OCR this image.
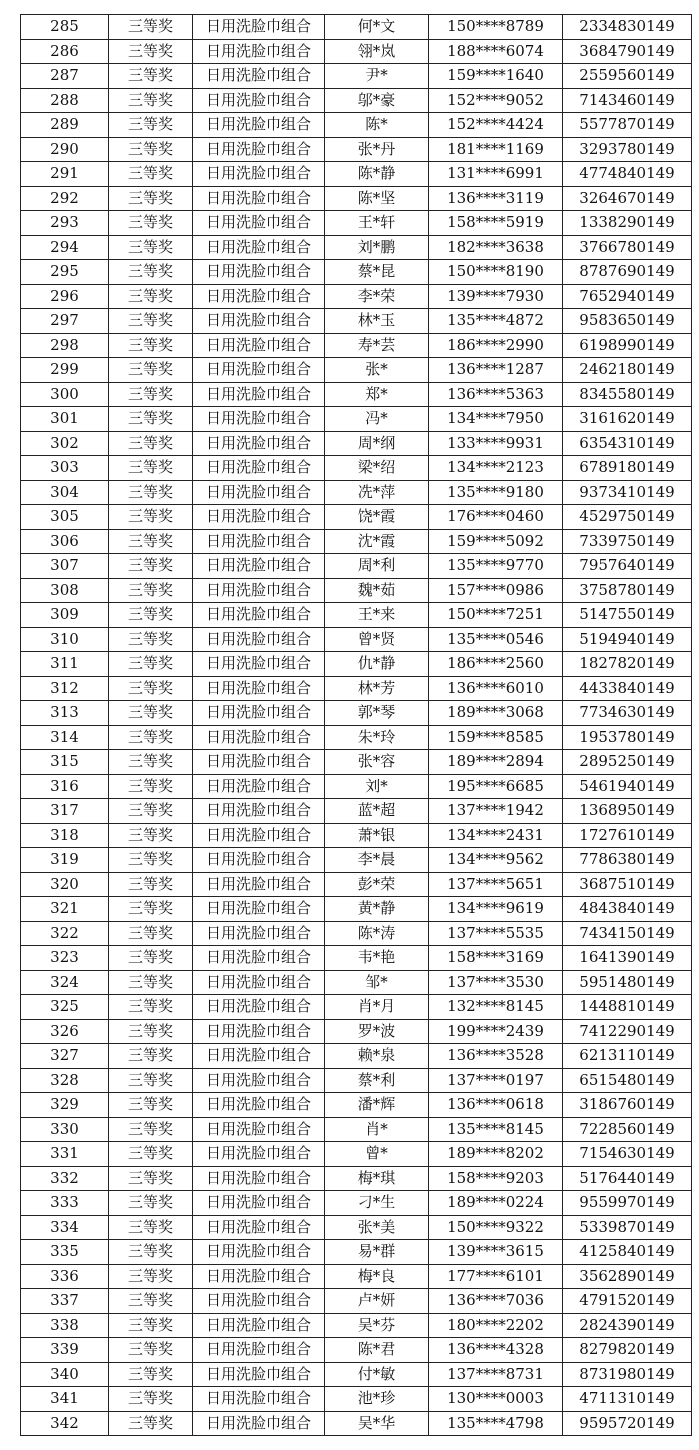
285	三等奖	日用洗脸巾组合	何*文	150****8789	2334830149
286	三等奖	日用洗脸巾组合	翎*岚	188****6074	3684790149
287	三等奖	日用洗脸巾组合	尹*	159****1640	2559560149
288	三等奖	日用洗脸巾组合	邬*豪	152****9052	7143460149
289	三等奖	日用洗脸巾组合	陈*	152****4424	5577870149
290	三等奖	日用洗脸巾组合	张*丹	181****1169	3293780149
291	三等奖	日用洗脸巾组合	陈*静	131****6991	4774840149
292	三等奖	日用洗脸巾组合	陈*坚	136****3119	3264670149
293	三等奖	日用洗脸巾组合	王*轩	158****5919	1338290149
294	三等奖	日用洗脸巾组合	刘*鹏	182****3638	3766780149
295	三等奖	日用洗脸巾组合	蔡*昆	150****8190	8787690149
296	三等奖	日用洗脸巾组合	李*荣	139****7930	7652940149
297	三等奖	日用洗脸巾组合	林*玉	135****4872	9583650149
298	三等奖	日用洗脸巾组合	寿*芸	186****2990	6198990149
299	三等奖	日用洗脸巾组合	张*	136****1287	2462180149
300	三等奖	日用洗脸巾组合	郑*	136****5363	8345580149
301	三等奖	日用洗脸巾组合	冯*	134****7950	3161620149
302	三等奖	日用洗脸巾组合	周*纲	133****9931	6354310149
303	三等奖	日用洗脸巾组合	梁*绍	134****2123	6789180149
304	三等奖	日用洗脸巾组合	冼*萍	135****9180	9373410149
305	三等奖	日用洗脸巾组合	饶*霞	176****0460	4529750149
306	三等奖	日用洗脸巾组合	沈*霞	159****5092	7339750149
307	三等奖	日用洗脸巾组合	周*利	135****9770	7957640149
308	三等奖	日用洗脸巾组合	魏*茹	157****0986	3758780149
309	三等奖	日用洗脸巾组合	王*来	150****7251	5147550149
310	三等奖	日用洗脸巾组合	曾*贤	135****0546	5194940149
311	三等奖	日用洗脸巾组合	仇*静	186****2560	1827820149
312	三等奖	日用洗脸巾组合	林*芳	136****6010	4433840149
313	三等奖	日用洗脸巾组合	郭*琴	189****3068	7734630149
314	三等奖	日用洗脸巾组合	朱*玲	159****8585	1953780149
315	三等奖	日用洗脸巾组合	张*容	189****2894	2895250149
316	三等奖	日用洗脸巾组合	刘*	195****6685	5461940149
317	三等奖	日用洗脸巾组合	蓝*超	137****1942	1368950149
318	三等奖	日用洗脸巾组合	萧*银	134****2431	1727610149
319	三等奖	日用洗脸巾组合	李*晨	134****9562	7786380149
320	三等奖	日用洗脸巾组合	彭*荣	137****5651	3687510149
321	三等奖	日用洗脸巾组合	黄*静	134****9619	4843840149
322	三等奖	日用洗脸巾组合	陈*涛	137****5535	7434150149
323	三等奖	日用洗脸巾组合	韦*艳	158****3169	1641390149
324	三等奖	日用洗脸巾组合	邹*	137****3530	5951480149
325	三等奖	日用洗脸巾组合	肖*月	132****8145	1448810149
326	三等奖	日用洗脸巾组合	罗*波	199****2439	7412290149
327	三等奖	日用洗脸巾组合	赖*泉	136****3528	6213110149
328	三等奖	日用洗脸巾组合	蔡*利	137****0197	6515480149
329	三等奖	日用洗脸巾组合	潘*辉	136****0618	3186760149
330	三等奖	日用洗脸巾组合	肖*	135****8145	7228560149
331	三等奖	日用洗脸巾组合	曾*	189****8202	7154630149
332	三等奖	日用洗脸巾组合	梅*琪	158****9203	5176440149
333	三等奖	日用洗脸巾组合	刁*生	189****0224	9559970149
334	三等奖	日用洗脸巾组合	张*美	150****9322	5339870149
335	三等奖	日用洗脸巾组合	易*群	139****3615	4125840149
336	三等奖	日用洗脸巾组合	梅*良	177****6101	3562890149
337	三等奖	日用洗脸巾组合	卢*妍	136****7036	4791520149
338	三等奖	日用洗脸巾组合	吴*芬	180****2202	2824390149
339	三等奖	日用洗脸巾组合	陈*君	136****4328	8279820149
340	三等奖	日用洗脸巾组合	付*敏	137****8731	8731980149
341	三等奖	日用洗脸巾组合	池*珍	130****0003	4711310149
342	三等奖	日用洗脸巾组合	吴*华	135****4798	9595720149
